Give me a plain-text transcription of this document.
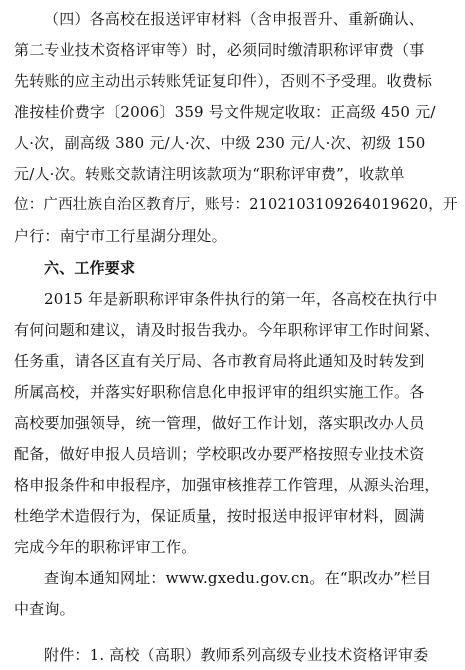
（四）各高校在报送评审材料（含申报晋升、重新确认、
第二专业技术资格评审等）时，必须同时缴清职称评审费（事
先转账的应主动出示转账凭证复印件），否则不予受理。收费标
准按桂价费字〔2006〕359 号文件规定收取：正高级 450 元/
人·次，副高级 380 元/人·次、中级 230 元/人·次、初级 150
元/人·次。转账交款请注明该款项为“职称评审费”，收款单
位：广西壮族自治区教育厅，账号：2102103109264019620，开
户行：南宁市工行星湖分理处。
六、工作要求
2015 年是新职称评审条件执行的第一年，各高校在执行中
有何问题和建议，请及时报告我办。今年职称评审工作时间紧、
任务重，请各区直有关厅局、各市教育局将此通知及时转发到
所属高校，并落实好职称信息化申报评审的组织实施工作。各
高校要加强领导，统一管理，做好工作计划，落实职改办人员
配备，做好申报人员培训；学校职改办要严格按照专业技术资
格申报条件和申报程序，加强审核推荐工作管理，从源头治理，
杜绝学术造假行为，保证质量，按时报送申报评审材料，圆满
完成今年的职称评审工作。
查询本通知网址：www.gxedu.gov.cn。在“职改办”栏目
中查询。
附件：1. 高校（高职）教师系列高级专业技术资格评审委
